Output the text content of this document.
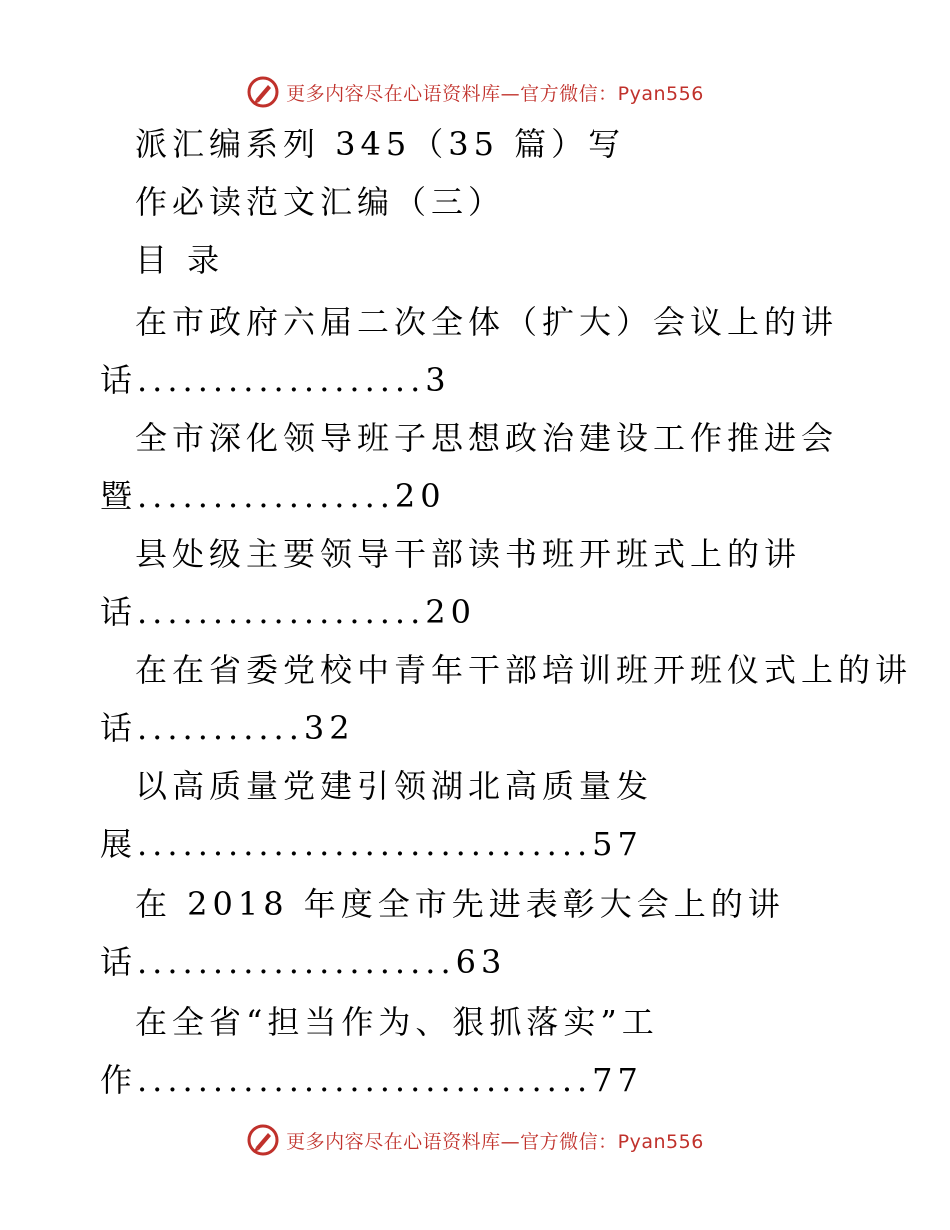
更多内容尽在心语资料库—官方微信：Pyan556
派汇编系列 345（35 篇）写
作必读范文汇编（三）
目 录

在市政府六届二次全体（扩大）会议上的讲

话...................3

全市深化领导班子思想政治建设工作推进会

暨.................20

县处级主要领导干部读书班开班式上的讲

话...................20

在在省委党校中青年干部培训班开班仪式上的讲

话...........32

以高质量党建引领湖北高质量发

展..............................57

在 2018 年度全市先进表彰大会上的讲

话.....................63

在全省“担当作为、狠抓落实”工

作..............................77

更多内容尽在心语资料库—官方微信：Pyan556
